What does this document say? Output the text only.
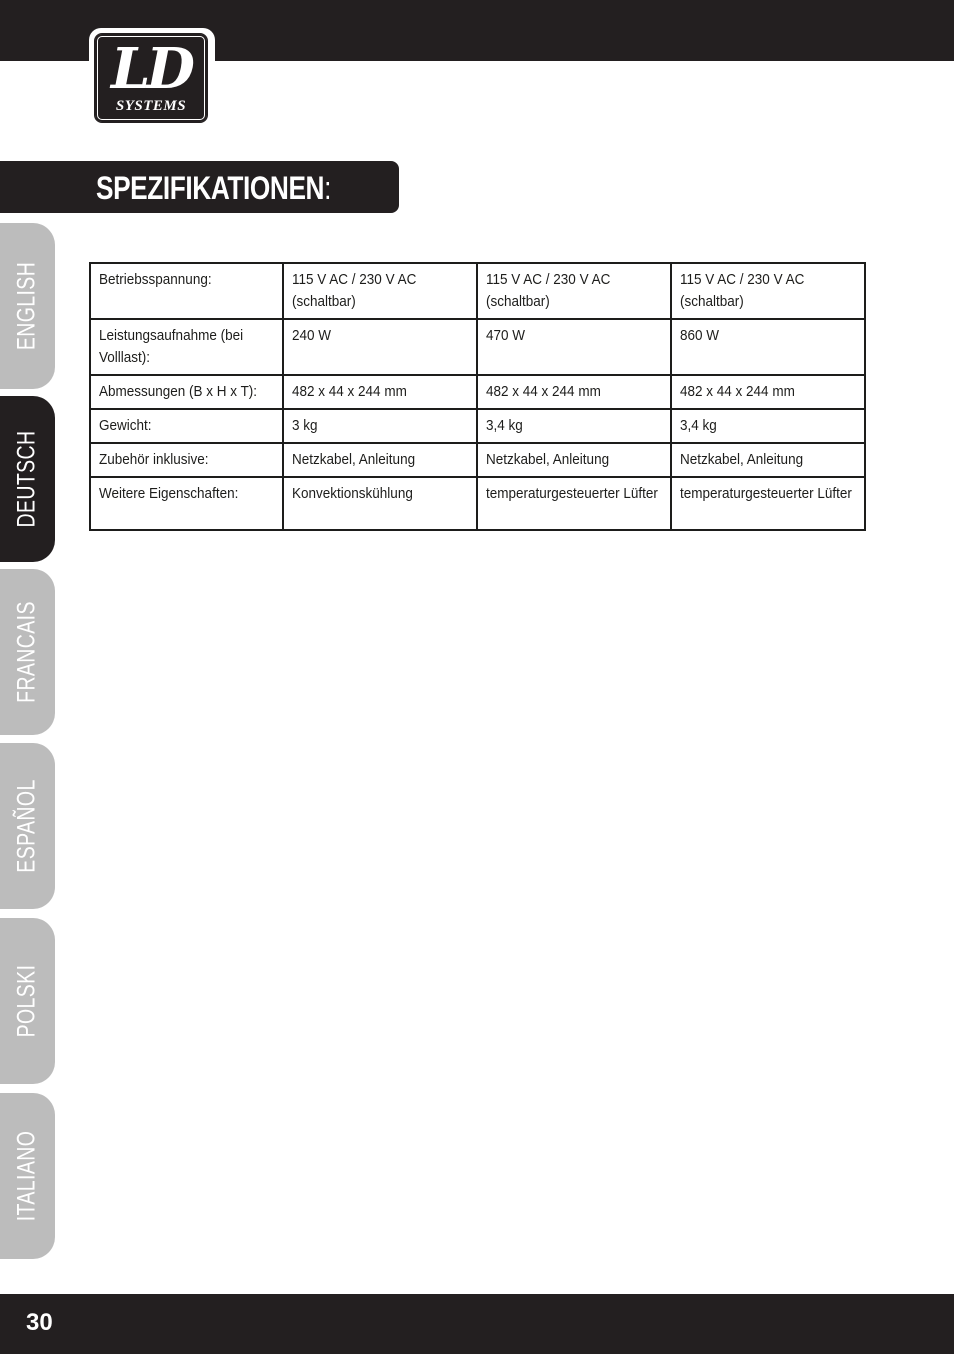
LD
SYSTEMS
SPEZIFIKATIONEN:
ENGLISH
DEUTSCH
FRANCAIS
ESPAÑOL
POLSKI
ITALIANO
Betriebsspannung:	115 V AC / 230 V AC (schaltbar)	115 V AC / 230 V AC (schaltbar)	115 V AC / 230 V AC (schaltbar)
Leistungsaufnahme (bei Volllast):	240 W	470 W	860 W
Abmessungen (B x H x T):	482 x 44 x 244 mm	482 x 44 x 244 mm	482 x 44 x 244 mm
Gewicht:	3 kg	3,4 kg	3,4 kg
Zubehör inklusive:	Netzkabel, Anleitung	Netzkabel, Anleitung	Netzkabel, Anleitung
Weitere Eigenschaften:	Konvektionskühlung	temperaturgesteuerter Lüfter	temperaturgesteuerter Lüfter
30
